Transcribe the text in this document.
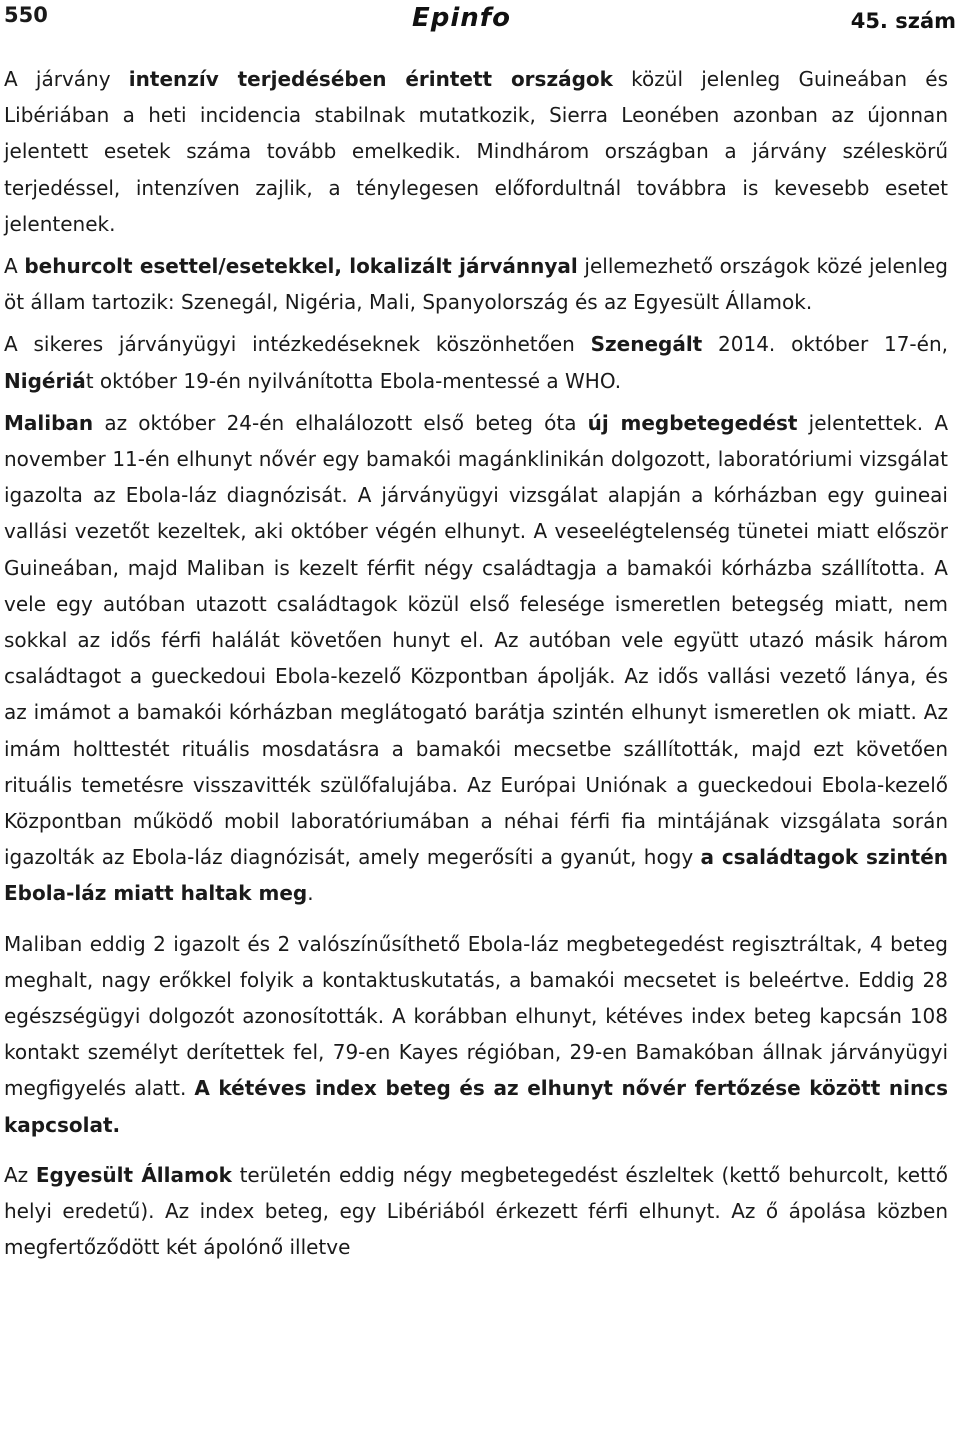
550	Epinfo	45. szám

A járvány intenzív terjedésében érintett országok közül jelenleg Guineában és Libériában a heti incidencia stabilnak mutatkozik, Sierra Leonében azonban az újonnan jelentett esetek száma tovább emelkedik. Mindhárom országban a járvány széleskörű terjedéssel, intenzíven zajlik, a ténylegesen előfordultnál továbbra is kevesebb esetet jelentenek.

A behurcolt esettel/esetekkel, lokalizált járvánnyal jellemezhető országok közé jelenleg öt állam tartozik: Szenegál, Nigéria, Mali, Spanyolország és az Egyesült Államok.

A sikeres járványügyi intézkedéseknek köszönhetően Szenegált 2014. október 17-én, Nigériát október 19-én nyilvánította Ebola-mentessé a WHO.

Maliban az október 24-én elhalálozott első beteg óta új megbetegedést jelentettek. A november 11-én elhunyt nővér egy bamakói magánklinikán dolgozott, laboratóriumi vizsgálat igazolta az Ebola-láz diagnózisát. A járványügyi vizsgálat alapján a kórházban egy guineai vallási vezetőt kezeltek, aki október végén elhunyt. A veseelégtelenség tünetei miatt először Guineában, majd Maliban is kezelt férfit négy családtagja a bamakói kórházba szállította. A vele egy autóban utazott családtagok közül első felesége ismeretlen betegség miatt, nem sokkal az idős férfi halálát követően hunyt el. Az autóban vele együtt utazó másik három családtagot a gueckedoui Ebola-kezelő Központban ápolják. Az idős vallási vezető lánya, és az imámot a bamakói kórházban meglátogató barátja szintén elhunyt ismeretlen ok miatt. Az imám holttestét rituális mosdatásra a bamakói mecsetbe szállították, majd ezt követően rituális temetésre visszavitték szülőfalujába. Az Európai Uniónak a gueckedoui Ebola-kezelő Központban működő mobil laboratóriumában a néhai férfi fia mintájának vizsgálata során igazolták az Ebola-láz diagnózisát, amely megerősíti a gyanút, hogy a családtagok szintén Ebola-láz miatt haltak meg.

Maliban eddig 2 igazolt és 2 valószínűsíthető Ebola-láz megbetegedést regisztráltak, 4 beteg meghalt, nagy erőkkel folyik a kontaktuskutatás, a bamakói mecsetet is beleértve. Eddig 28 egészségügyi dolgozót azonosították. A korábban elhunyt, kétéves index beteg kapcsán 108 kontakt személyt derítettek fel, 79-en Kayes régióban, 29-en Bamakóban állnak járványügyi megfigyelés alatt. A kétéves index beteg és az elhunyt nővér fertőzése között nincs kapcsolat.

Az Egyesült Államok területén eddig négy megbetegedést észleltek (kettő behurcolt, kettő helyi eredetű). Az index beteg, egy Libériából érkezett férfi elhunyt. Az ő ápolása közben megfertőződött két ápolónő illetve
